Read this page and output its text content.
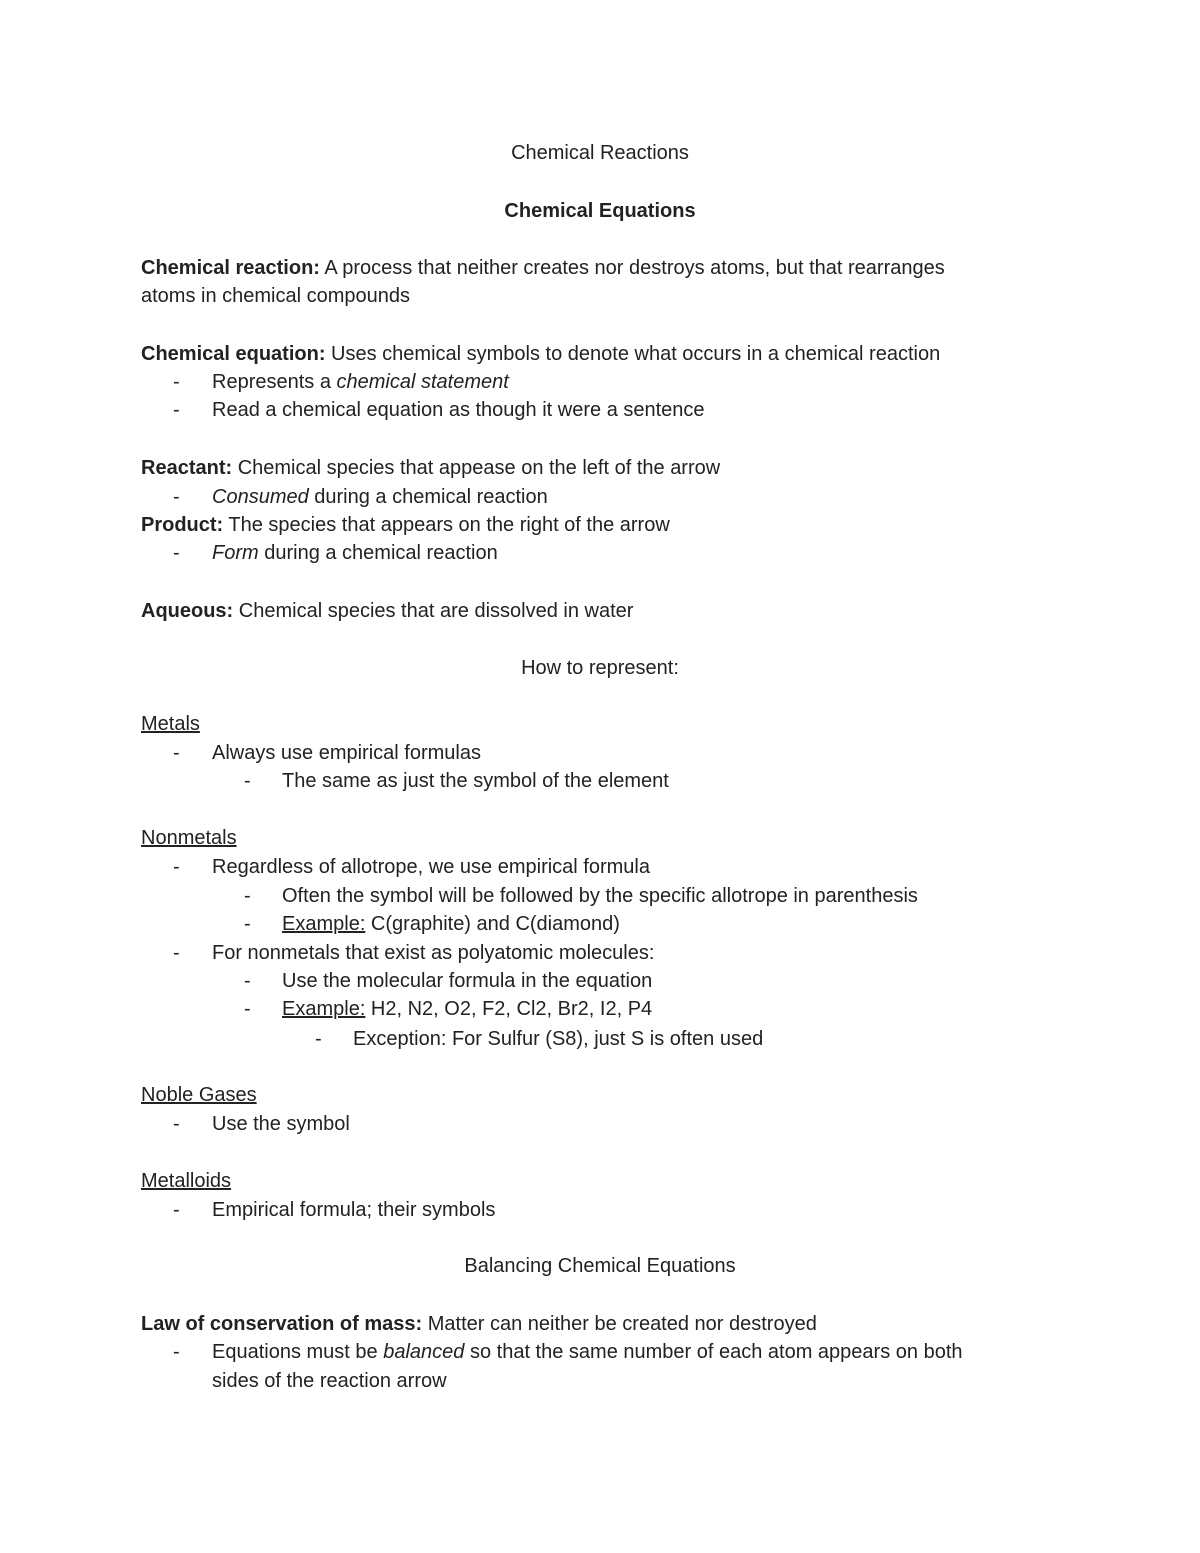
Chemical Reactions
Chemical Equations
Chemical reaction: A process that neither creates nor destroys atoms, but that rearranges
atoms in chemical compounds
Chemical equation: Uses chemical symbols to denote what occurs in a chemical reaction
- Represents a chemical statement
- Read a chemical equation as though it were a sentence
Reactant: Chemical species that appease on the left of the arrow
- Consumed during a chemical reaction
Product: The species that appears on the right of the arrow
- Form during a chemical reaction
Aqueous: Chemical species that are dissolved in water
How to represent:
Metals
- Always use empirical formulas
- The same as just the symbol of the element
Nonmetals
- Regardless of allotrope, we use empirical formula
- Often the symbol will be followed by the specific allotrope in parenthesis
- Example: C(graphite) and C(diamond)
- For nonmetals that exist as polyatomic molecules:
- Use the molecular formula in the equation
- Example: H2, N2, O2, F2, Cl2, Br2, I2, P4
- Exception: For Sulfur (S8), just S is often used
Noble Gases
- Use the symbol
Metalloids
- Empirical formula; their symbols
Balancing Chemical Equations
Law of conservation of mass: Matter can neither be created nor destroyed
- Equations must be balanced so that the same number of each atom appears on both
sides of the reaction arrow
